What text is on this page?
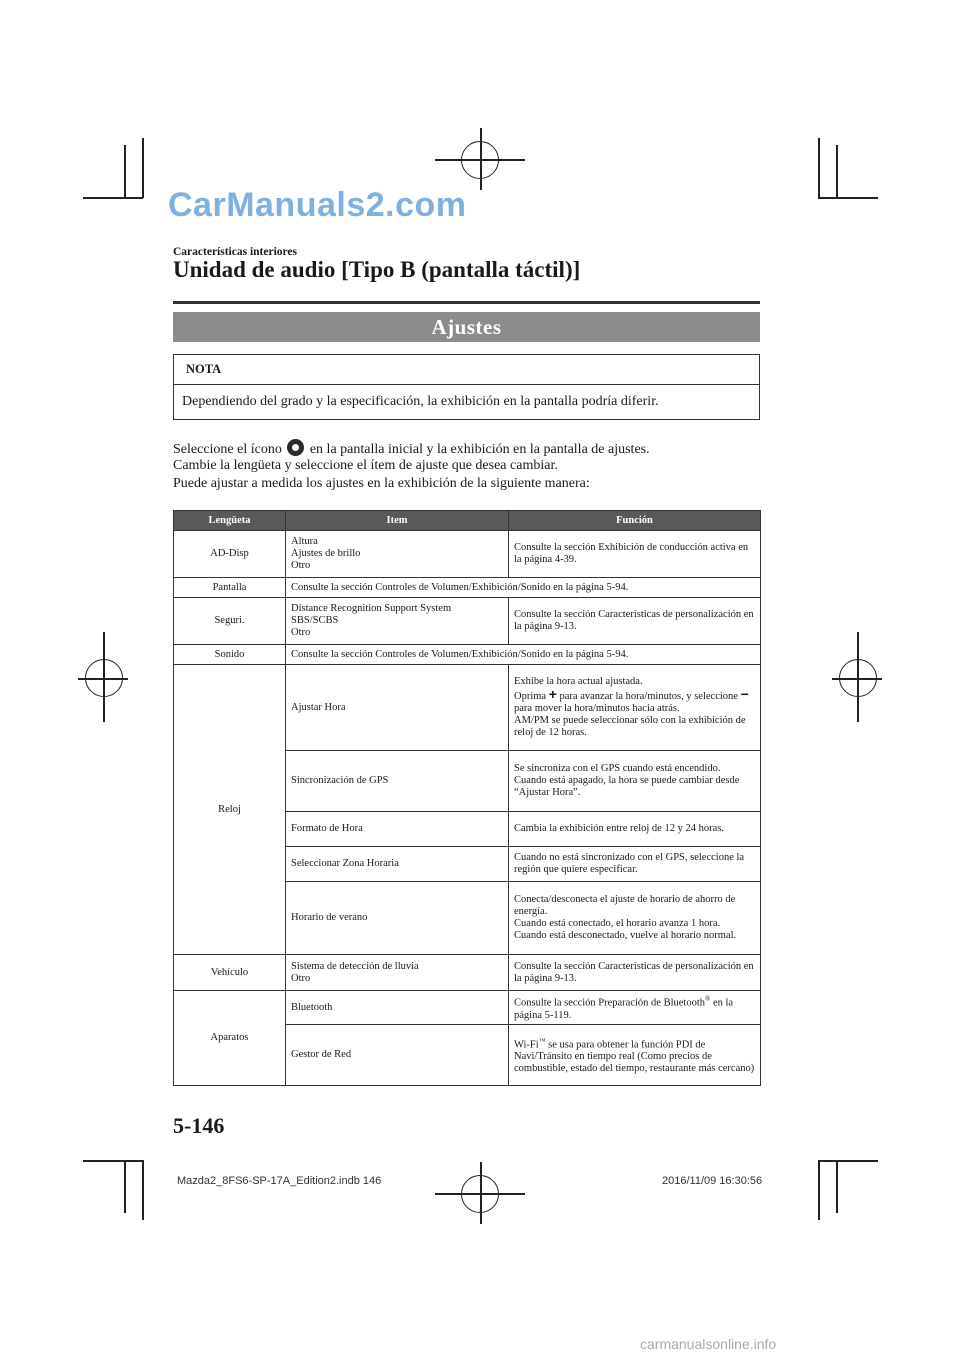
CarManuals2.com
Características interiores
Unidad de audio [Tipo B (pantalla táctil)]
Ajustes
NOTA
Dependiendo del grado y la especificación, la exhibición en la pantalla podría diferir.
Seleccione el ícono en la pantalla inicial y la exhibición en la pantalla de ajustes.
Cambie la lengüeta y seleccione el ítem de ajuste que desea cambiar.
Puede ajustar a medida los ajustes en la exhibición de la siguiente manera:
Lengüeta	Item	Función
AD-Disp	Altura
Ajustes de brillo
Otro	Consulte la sección Exhibición de conducción activa en la página 4-39.
Pantalla	Consulte la sección Controles de Volumen/Exhibición/Sonido en la página 5-94.	
Seguri.	Distance Recognition Support System
SBS/SCBS
Otro	Consulte la sección Características de personalización en la página 9-13.
Sonido	Consulte la sección Controles de Volumen/Exhibición/Sonido en la página 5-94.	
Reloj	Ajustar Hora	Exhibe la hora actual ajustada.
Oprima + para avanzar la hora/minutos, y seleccione − para mover la hora/minutos hacia atrás.
AM/PM se puede seleccionar sólo con la exhibición de reloj de 12 horas.

	Sincronización de GPS	Se sincroniza con el GPS cuando está encendido.
Cuando está apagado, la hora se puede cambiar desde “Ajustar Hora”.

	Formato de Hora	Cambia la exhibición entre reloj de 12 y 24 horas.
	Seleccionar Zona Horaria	Cuando no está sincronizado con el GPS, seleccione la región que quiere especificar.
	Horario de verano	Conecta/desconecta el ajuste de horario de ahorro de energía.
Cuando está conectado, el horario avanza 1 hora. Cuando está desconectado, vuelve al horario normal.

Vehículo	Sistema de detección de lluvia
Otro	Consulte la sección Características de personalización en la página 9-13.
Aparatos	Bluetooth	Consulte la sección Preparación de Bluetooth® en la página 5-119.
	Gestor de Red	Wi-Fi™ se usa para obtener la función PDI de Navi/Tránsito en tiempo real (Como precios de combustible, estado del tiempo, restaurante más cercano)
5-146
Mazda2_8FS6-SP-17A_Edition2.indb 146	2016/11/09 16:30:56
carmanualsonline.info
